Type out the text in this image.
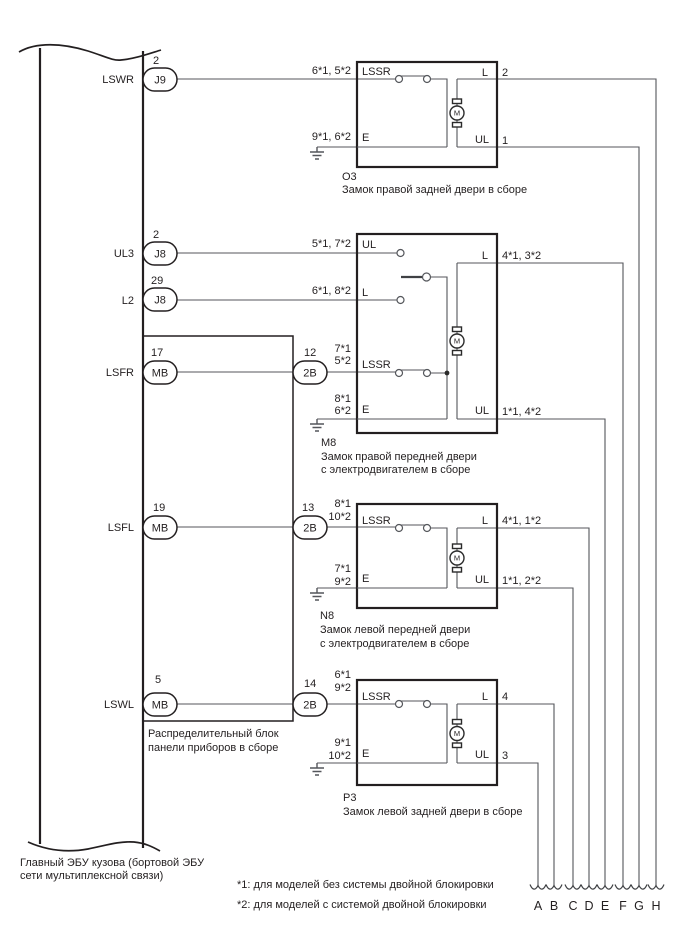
Главный ЭБУ кузова (бортовой ЭБУ
сети мультиплексной связи)
Распределительный блок
панели приборов в сборе
6*1, 5*2
9*1, 6*2
5*1, 7*2
6*1, 8*2
7*1
5*2
8*1
6*2
8*1
10*2
7*1
9*2
6*1
9*2
9*1
10*2
LSWR
2
J9
UL3
2
J8
L2
29
J8
LSFR
17
MB
12
2B
LSFL
19
MB
13
2B
LSWL
5
MB
14
2B
M
LSSR
E
L
UL
2
1
O3
Замок правой задней двери в сборе
M
UL
L
LSSR
E
L
UL
4*1, 3*2
1*1, 4*2
M8
Замок правой передней двери
с электродвигателем в сборе
M
LSSR
E
L
UL
4*1, 1*2
1*1, 2*2
N8
Замок левой передней двери
с электродвигателем в сборе
M
LSSR
E
L
UL
4
3
P3
Замок левой задней двери в сборе
A B C D E F G H
*1: для моделей без системы двойной блокировки
*2: для моделей с системой двойной блокировки
